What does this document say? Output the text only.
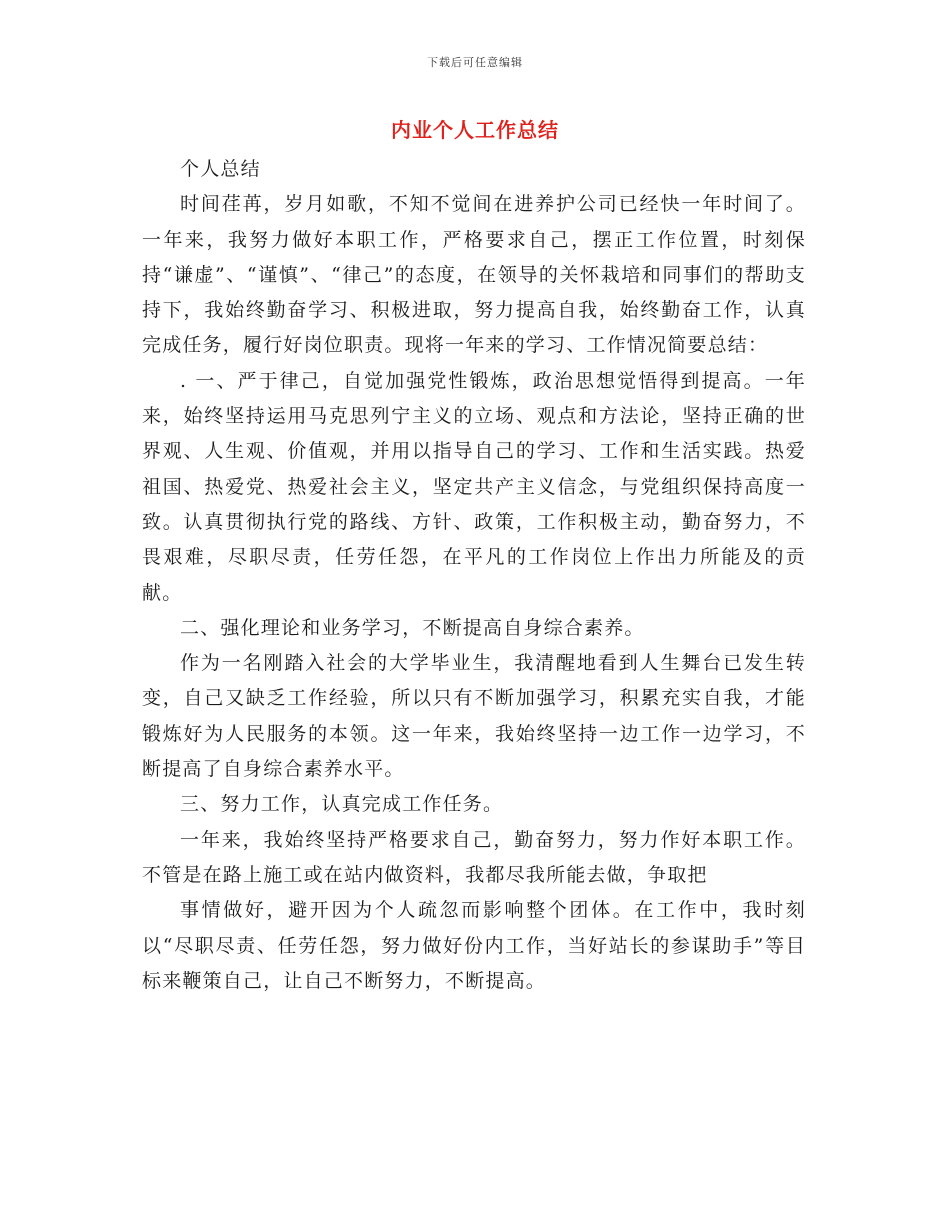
下载后可任意编辑
内业个人工作总结

个人总结

时间荏苒，岁月如歌，不知不觉间在进养护公司已经快一年时间了。一年来，我努力做好本职工作，严格要求自己，摆正工作位置，时刻保持“谦虚”、“谨慎”、“律己”的态度，在领导的关怀栽培和同事们的帮助支持下，我始终勤奋学习、积极进取，努力提高自我，始终勤奋工作，认真完成任务，履行好岗位职责。现将一年来的学习、工作情况简要总结：

. 一、严于律己，自觉加强党性锻炼，政治思想觉悟得到提高。一年来，始终坚持运用马克思列宁主义的立场、观点和方法论，坚持正确的世界观、人生观、价值观，并用以指导自己的学习、工作和生活实践。热爱祖国、热爱党、热爱社会主义，坚定共产主义信念，与党组织保持高度一致。认真贯彻执行党的路线、方针、政策，工作积极主动，勤奋努力，不畏艰难，尽职尽责，任劳任怨，在平凡的工作岗位上作出力所能及的贡献。

二、强化理论和业务学习，不断提高自身综合素养。

作为一名刚踏入社会的大学毕业生，我清醒地看到人生舞台已发生转变，自己又缺乏工作经验，所以只有不断加强学习，积累充实自我，才能锻炼好为人民服务的本领。这一年来，我始终坚持一边工作一边学习，不断提高了自身综合素养水平。

三、努力工作，认真完成工作任务。

一年来，我始终坚持严格要求自己，勤奋努力，努力作好本职工作。不管是在路上施工或在站内做资料，我都尽我所能去做，争取把

事情做好，避开因为个人疏忽而影响整个团体。在工作中，我时刻以“尽职尽责、任劳任怨，努力做好份内工作，当好站长的参谋助手”等目标来鞭策自己，让自己不断努力，不断提高。
